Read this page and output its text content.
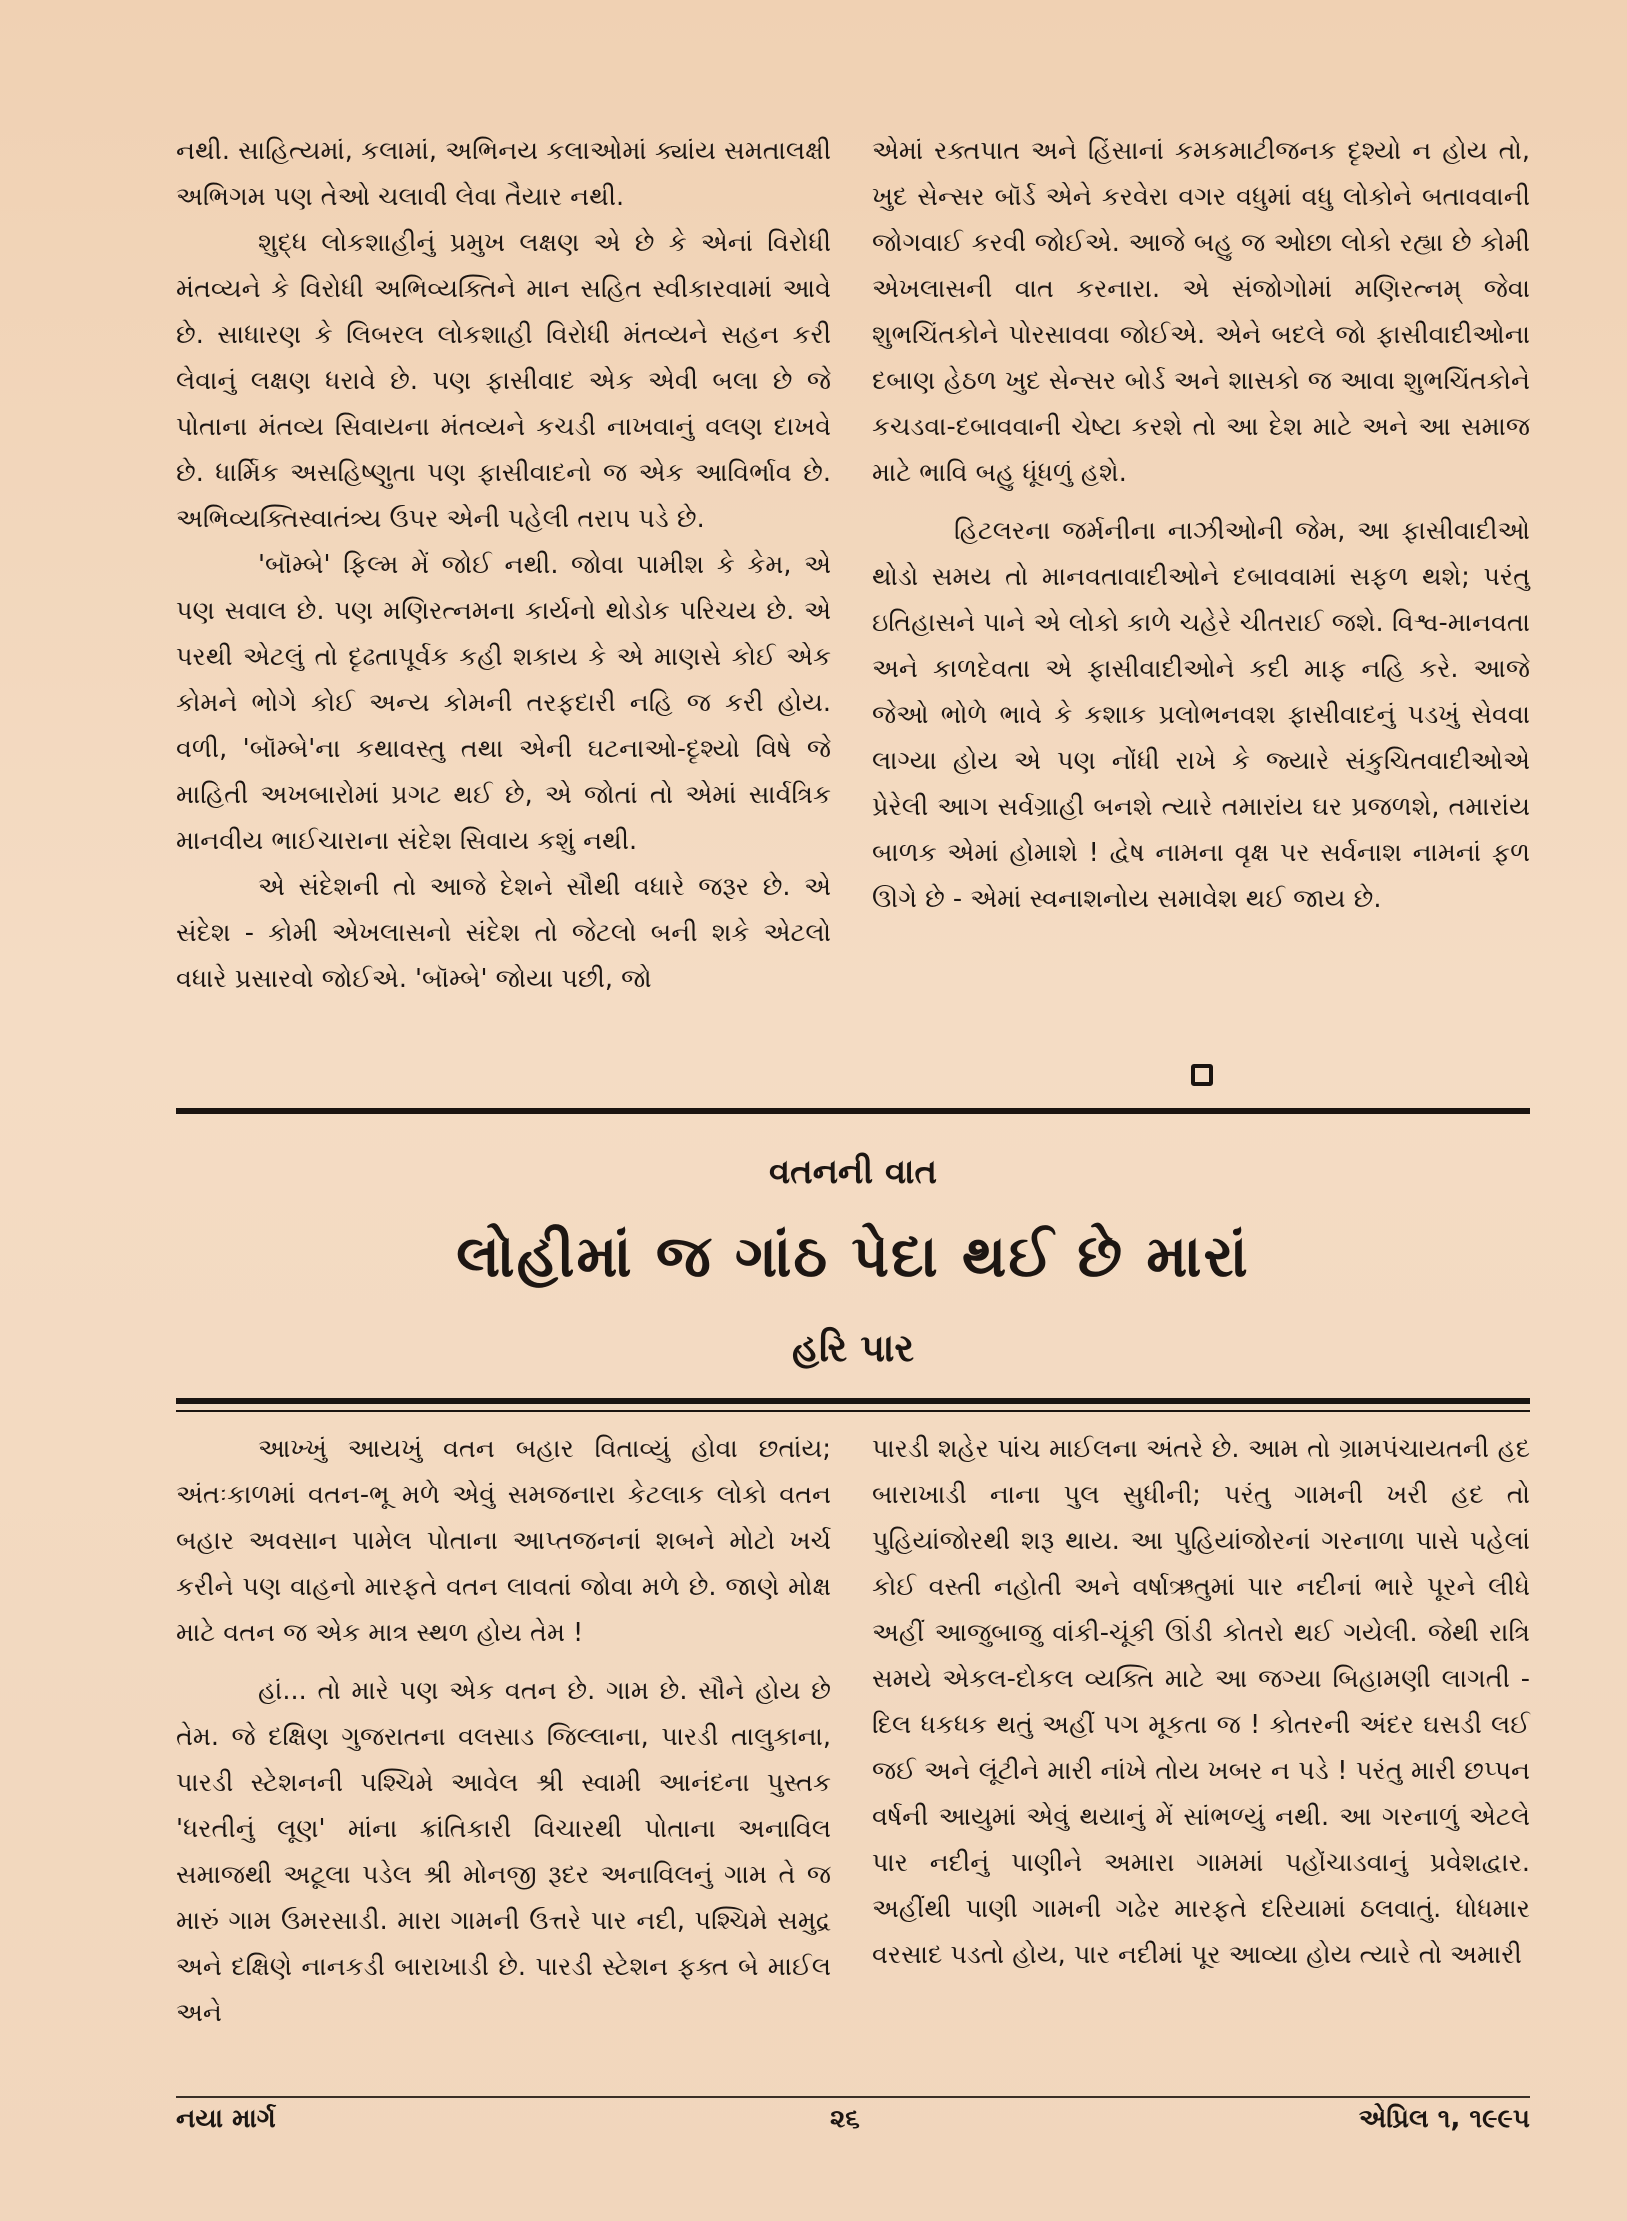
નથી. સાહિત્યમાં, કલામાં, અભિનય કલાઓમાં ક્યાંય સમતાલક્ષી અભિગમ પણ તેઓ ચલાવી લેવા તૈયાર નથી.

શુદ્ધ લોકશાહીનું પ્રમુખ લક્ષણ એ છે કે એનાં વિરોધી મંતવ્યને કે વિરોધી અભિવ્યક્તિને માન સહિત સ્વીકારવામાં આવે છે. સાધારણ કે લિબરલ લોકશાહી વિરોધી મંતવ્યને સહન કરી લેવાનું લક્ષણ ધરાવે છે. પણ ફાસીવાદ એક એવી બલા છે જે પોતાના મંતવ્ય સિવાયના મંતવ્યને કચડી નાખવાનું વલણ દાખવે છે. ધાર્મિક અસહિષ્ણુતા પણ ફાસીવાદનો જ એક આવિર્ભાવ છે. અભિવ્યક્તિસ્વાતંત્ર્ય ઉપર એની પહેલી તરાપ પડે છે.

'બૉમ્બે' ફિલ્મ મેં જોઈ નથી. જોવા પામીશ કે કેમ, એ પણ સવાલ છે. પણ મણિરત્નમના કાર્યનો થોડોક પરિચય છે. એ પરથી એટલું તો દૃઢતાપૂર્વક કહી શકાય કે એ માણસે કોઈ એક કોમને ભોગે કોઈ અન્ય કોમની તરફદારી નહિ જ કરી હોય. વળી, 'બૉમ્બે'ના કથાવસ્તુ તથા એની ઘટનાઓ-દૃશ્યો વિષે જે માહિતી અખબારોમાં પ્રગટ થઈ છે, એ જોતાં તો એમાં સાર્વત્રિક માનવીય ભાઈચારાના સંદેશ સિવાય કશું નથી.

એ સંદેશની તો આજે દેશને સૌથી વધારે જરૂર છે. એ સંદેશ - કોમી એખલાસનો સંદેશ તો જેટલો બની શકે એટલો વધારે પ્રસારવો જોઈએ. 'બૉમ્બે' જોયા પછી, જો

એમાં રક્તપાત અને હિંસાનાં કમકમાટીજનક દૃશ્યો ન હોય તો, ખુદ સેન્સર બૉર્ડ એને કરવેરા વગર વધુમાં વધુ લોકોને બતાવવાની જોગવાઈ કરવી જોઈએ. આજે બહુ જ ઓછા લોકો રહ્યા છે કોમી એખલાસની વાત કરનારા. એ સંજોગોમાં મણિરત્નમ્ જેવા શુભચિંતકોને પોરસાવવા જોઈએ. એને બદલે જો ફાસીવાદીઓના દબાણ હેઠળ ખુદ સેન્સર બોર્ડ અને શાસકો જ આવા શુભચિંતકોને કચડવા-દબાવવાની ચેષ્ટા કરશે તો આ દેશ માટે અને આ સમાજ માટે ભાવિ બહુ ધૂંધળું હશે.

હિટલરના જર્મનીના નાઝીઓની જેમ, આ ફાસીવાદીઓ થોડો સમય તો માનવતાવાદીઓને દબાવવામાં સફળ થશે; પરંતુ ઇતિહાસને પાને એ લોકો કાળે ચહેરે ચીતરાઈ જશે. વિશ્વ-માનવતા અને કાળદેવતા એ ફાસીવાદીઓને કદી માફ નહિ કરે. આજે જેઓ ભોળે ભાવે કે કશાક પ્રલોભનવશ ફાસીવાદનું પડખું સેવવા લાગ્યા હોય એ પણ નોંધી રાખે કે જ્યારે સંકુચિતવાદીઓએ પ્રેરેલી આગ સર્વગ્રાહી બનશે ત્યારે તમારાંય ઘર પ્રજળશે, તમારાંય બાળક એમાં હોમાશે ! દ્વેષ નામના વૃક્ષ પર સર્વનાશ નામનાં ફળ ઊગે છે - એમાં સ્વનાશનોય સમાવેશ થઈ જાય છે.

વતનની વાત
લોહીમાં જ ગાંઠ પેદા થઈ છે મારાં
હરિ પાર

આખ્ખું આયખું વતન બહાર વિતાવ્યું હોવા છતાંય; અંતઃકાળમાં વતન-ભૂ મળે એવું સમજનારા કેટલાક લોકો વતન બહાર અવસાન પામેલ પોતાના આપ્તજનનાં શબને મોટો ખર્ચ કરીને પણ વાહનો મારફતે વતન લાવતાં જોવા મળે છે. જાણે મોક્ષ માટે વતન જ એક માત્ર સ્થળ હોય તેમ !

હાં... તો મારે પણ એક વતન છે. ગામ છે. સૌને હોય છે તેમ. જે દક્ષિણ ગુજરાતના વલસાડ જિલ્લાના, પારડી તાલુકાના, પારડી સ્ટેશનની પશ્ચિમે આવેલ શ્રી સ્વામી આનંદના પુસ્તક 'ધરતીનું લૂણ' માંના ક્રાંતિકારી વિચારથી પોતાના અનાવિલ સમાજથી અટૂલા પડેલ શ્રી મોનજી રૂદર અનાવિલનું ગામ તે જ મારું ગામ ઉમરસાડી. મારા ગામની ઉત્તરે પાર નદી, પશ્ચિમે સમુદ્ર અને દક્ષિણે નાનકડી બારાખાડી છે. પારડી સ્ટેશન ફક્ત બે માઈલ અને

પારડી શહેર પાંચ માઈલના અંતરે છે. આમ તો ગ્રામપંચાયતની હદ બારાખાડી નાના પુલ સુધીની; પરંતુ ગામની ખરી હદ તો પુહિયાંજોરથી શરૂ થાય. આ પુહિયાંજોરનાં ગરનાળા પાસે પહેલાં કોઈ વસ્તી નહોતી અને વર્ષાઋતુમાં પાર નદીનાં ભારે પૂરને લીધે અહીં આજુબાજુ વાંકી-ચૂંકી ઊંડી કોતરો થઈ ગયેલી. જેથી રાત્રિ સમયે એકલ-દોકલ વ્યક્તિ માટે આ જગ્યા બિહામણી લાગતી - દિલ ધકધક થતું અહીં પગ મૂકતા જ ! કોતરની અંદર ઘસડી લઈ જઈ અને લૂંટીને મારી નાંખે તોય ખબર ન પડે ! પરંતુ મારી છપ્પન વર્ષની આયુમાં એવું થયાનું મેં સાંભળ્યું નથી. આ ગરનાળું એટલે પાર નદીનું પાણીને અમારા ગામમાં પહોંચાડવાનું પ્રવેશદ્વાર. અહીંથી પાણી ગામની ગઢેર મારફતે દરિયામાં ઠલવાતું. ધોધમાર વરસાદ પડતો હોય, પાર નદીમાં પૂર આવ્યા હોય ત્યારે તો અમારી

નયા માર્ગ	૨૬	એપ્રિલ ૧, ૧૯૯૫
